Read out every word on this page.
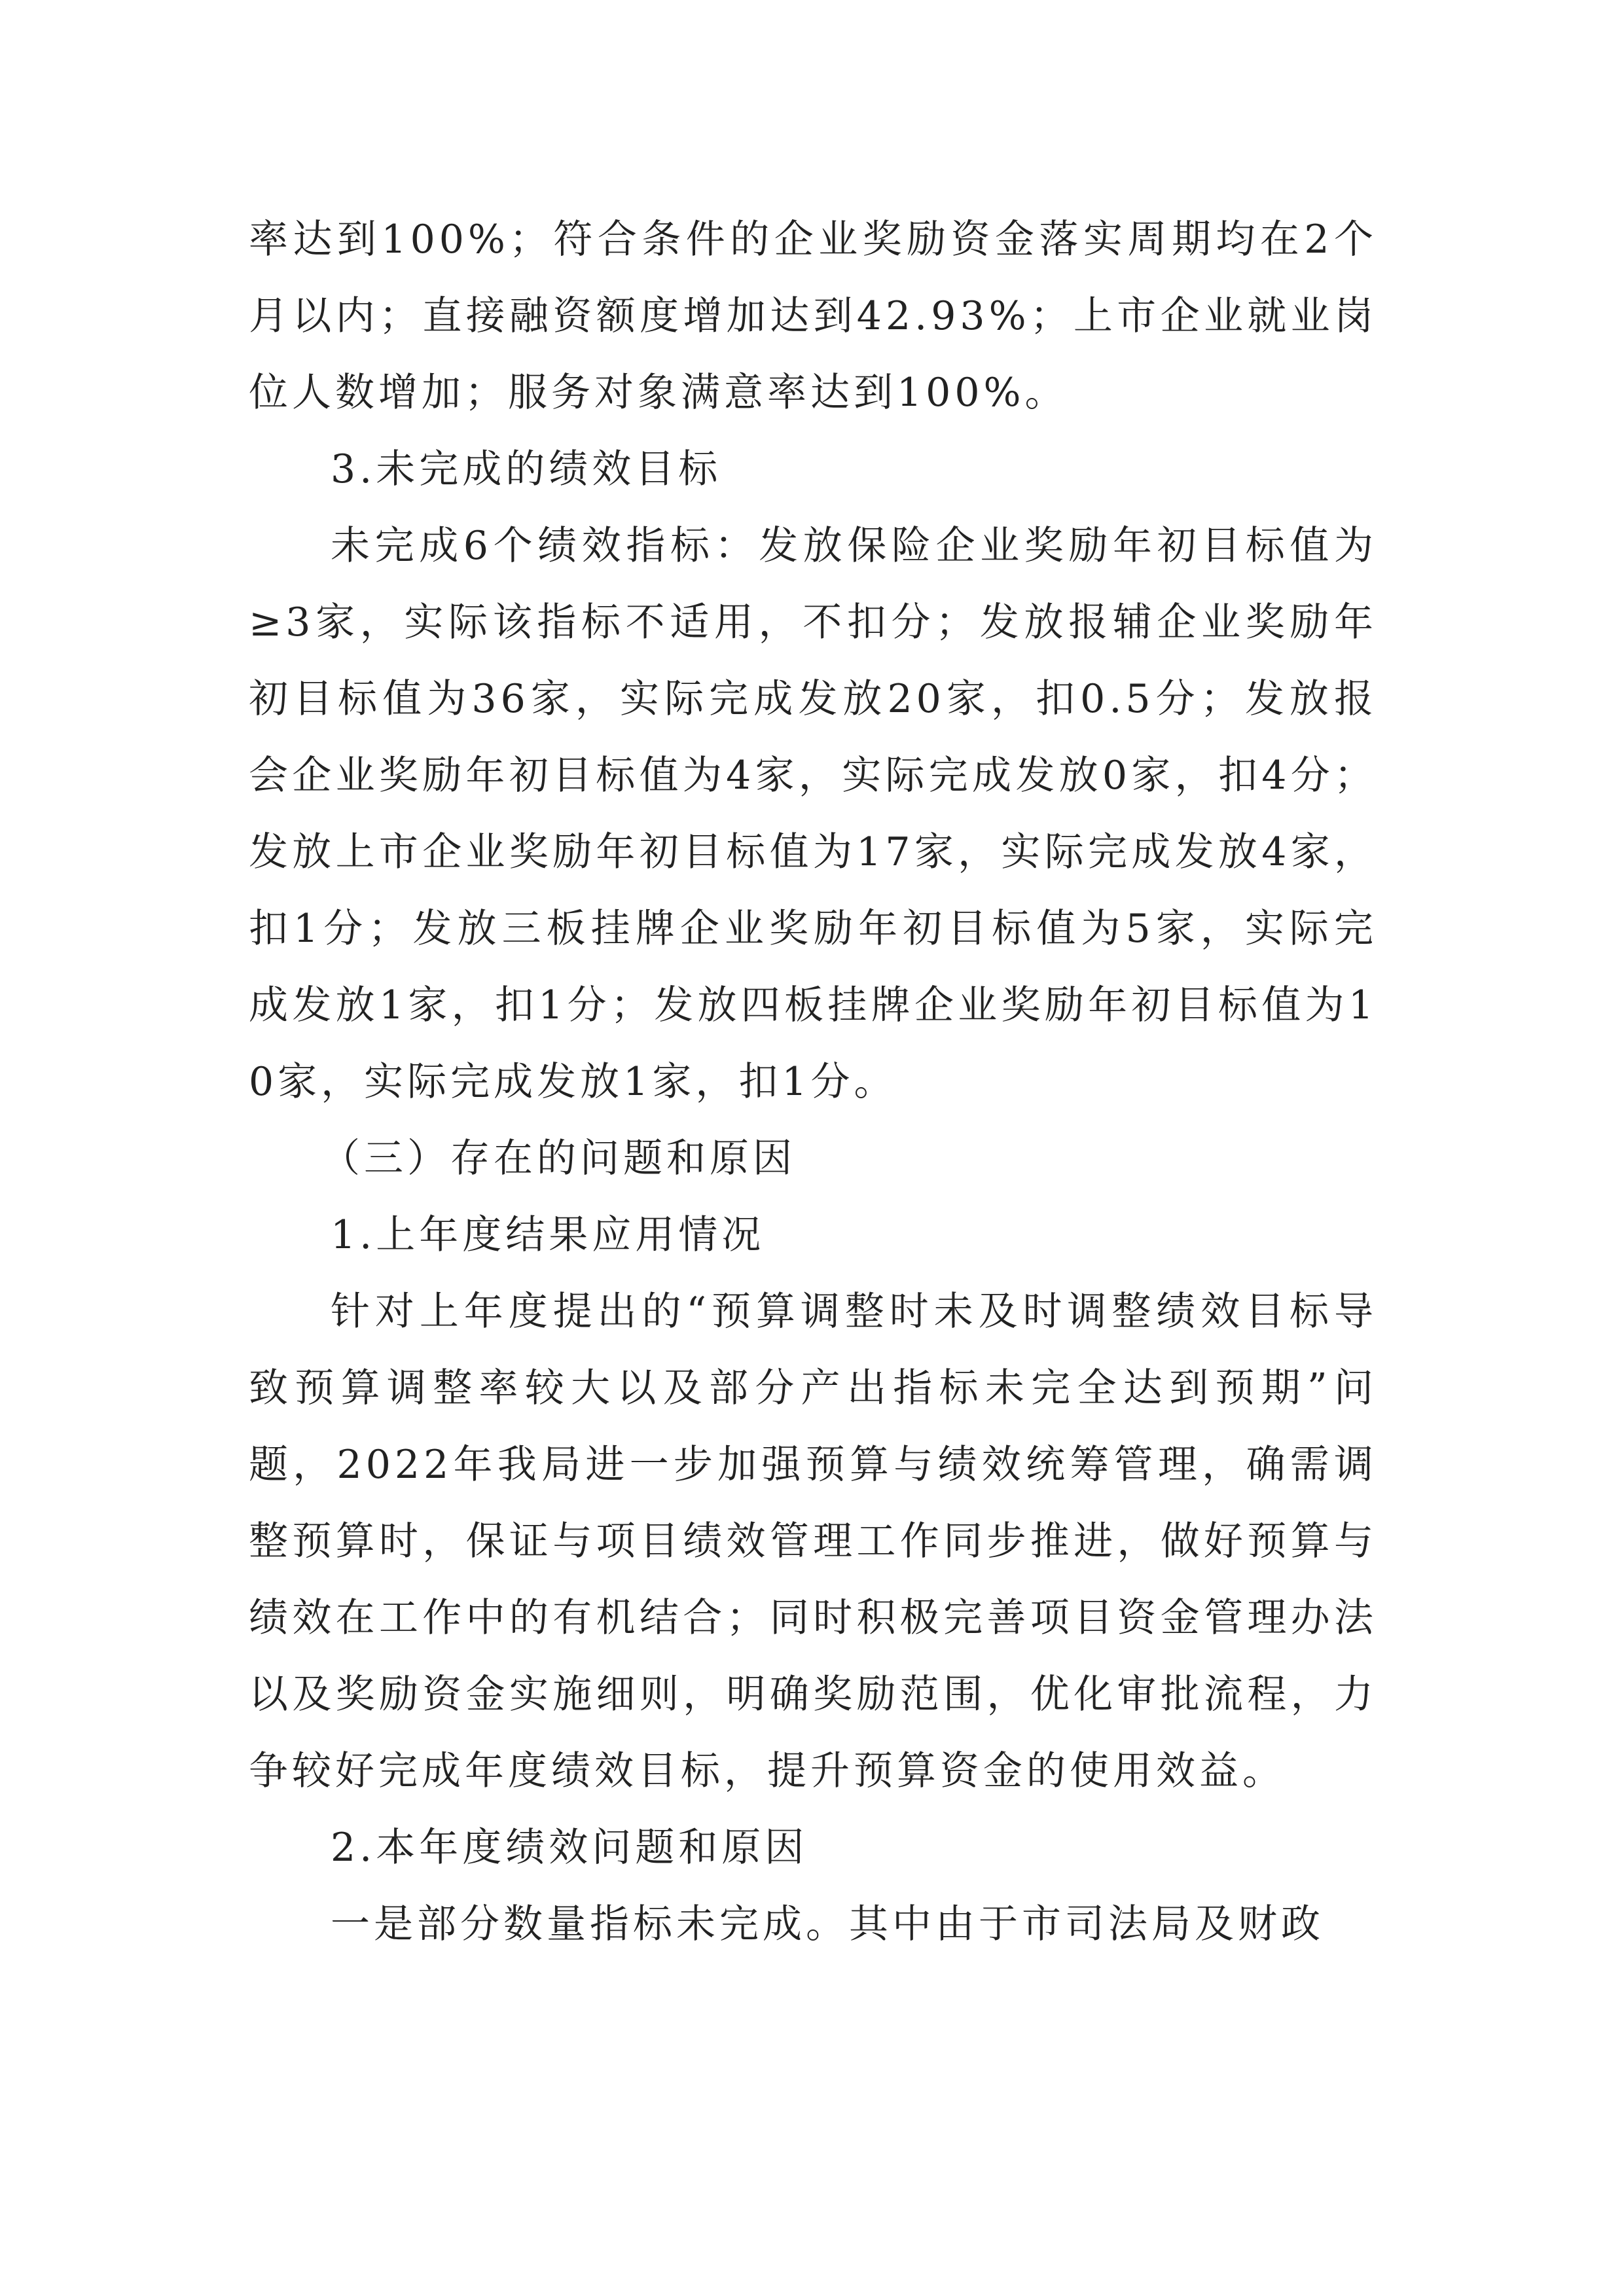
率达到100%；符合条件的企业奖励资金落实周期均在2个月以内；直接融资额度增加达到42.93%；上市企业就业岗位人数增加；服务对象满意率达到100%。

3.未完成的绩效目标

未完成6个绩效指标：发放保险企业奖励年初目标值为≥3家，实际该指标不适用，不扣分；发放报辅企业奖励年初目标值为36家，实际完成发放20家，扣0.5分；发放报会企业奖励年初目标值为4家，实际完成发放0家，扣4分；发放上市企业奖励年初目标值为17家，实际完成发放4家，扣1分；发放三板挂牌企业奖励年初目标值为5家，实际完成发放1家，扣1分；发放四板挂牌企业奖励年初目标值为10家，实际完成发放1家，扣1分。

（三）存在的问题和原因

1.上年度结果应用情况

针对上年度提出的“预算调整时未及时调整绩效目标导致预算调整率较大以及部分产出指标未完全达到预期”问题，2022年我局进一步加强预算与绩效统筹管理，确需调整预算时，保证与项目绩效管理工作同步推进，做好预算与绩效在工作中的有机结合；同时积极完善项目资金管理办法以及奖励资金实施细则，明确奖励范围，优化审批流程，力争较好完成年度绩效目标，提升预算资金的使用效益。

2.本年度绩效问题和原因

一是部分数量指标未完成。其中由于市司法局及财政
